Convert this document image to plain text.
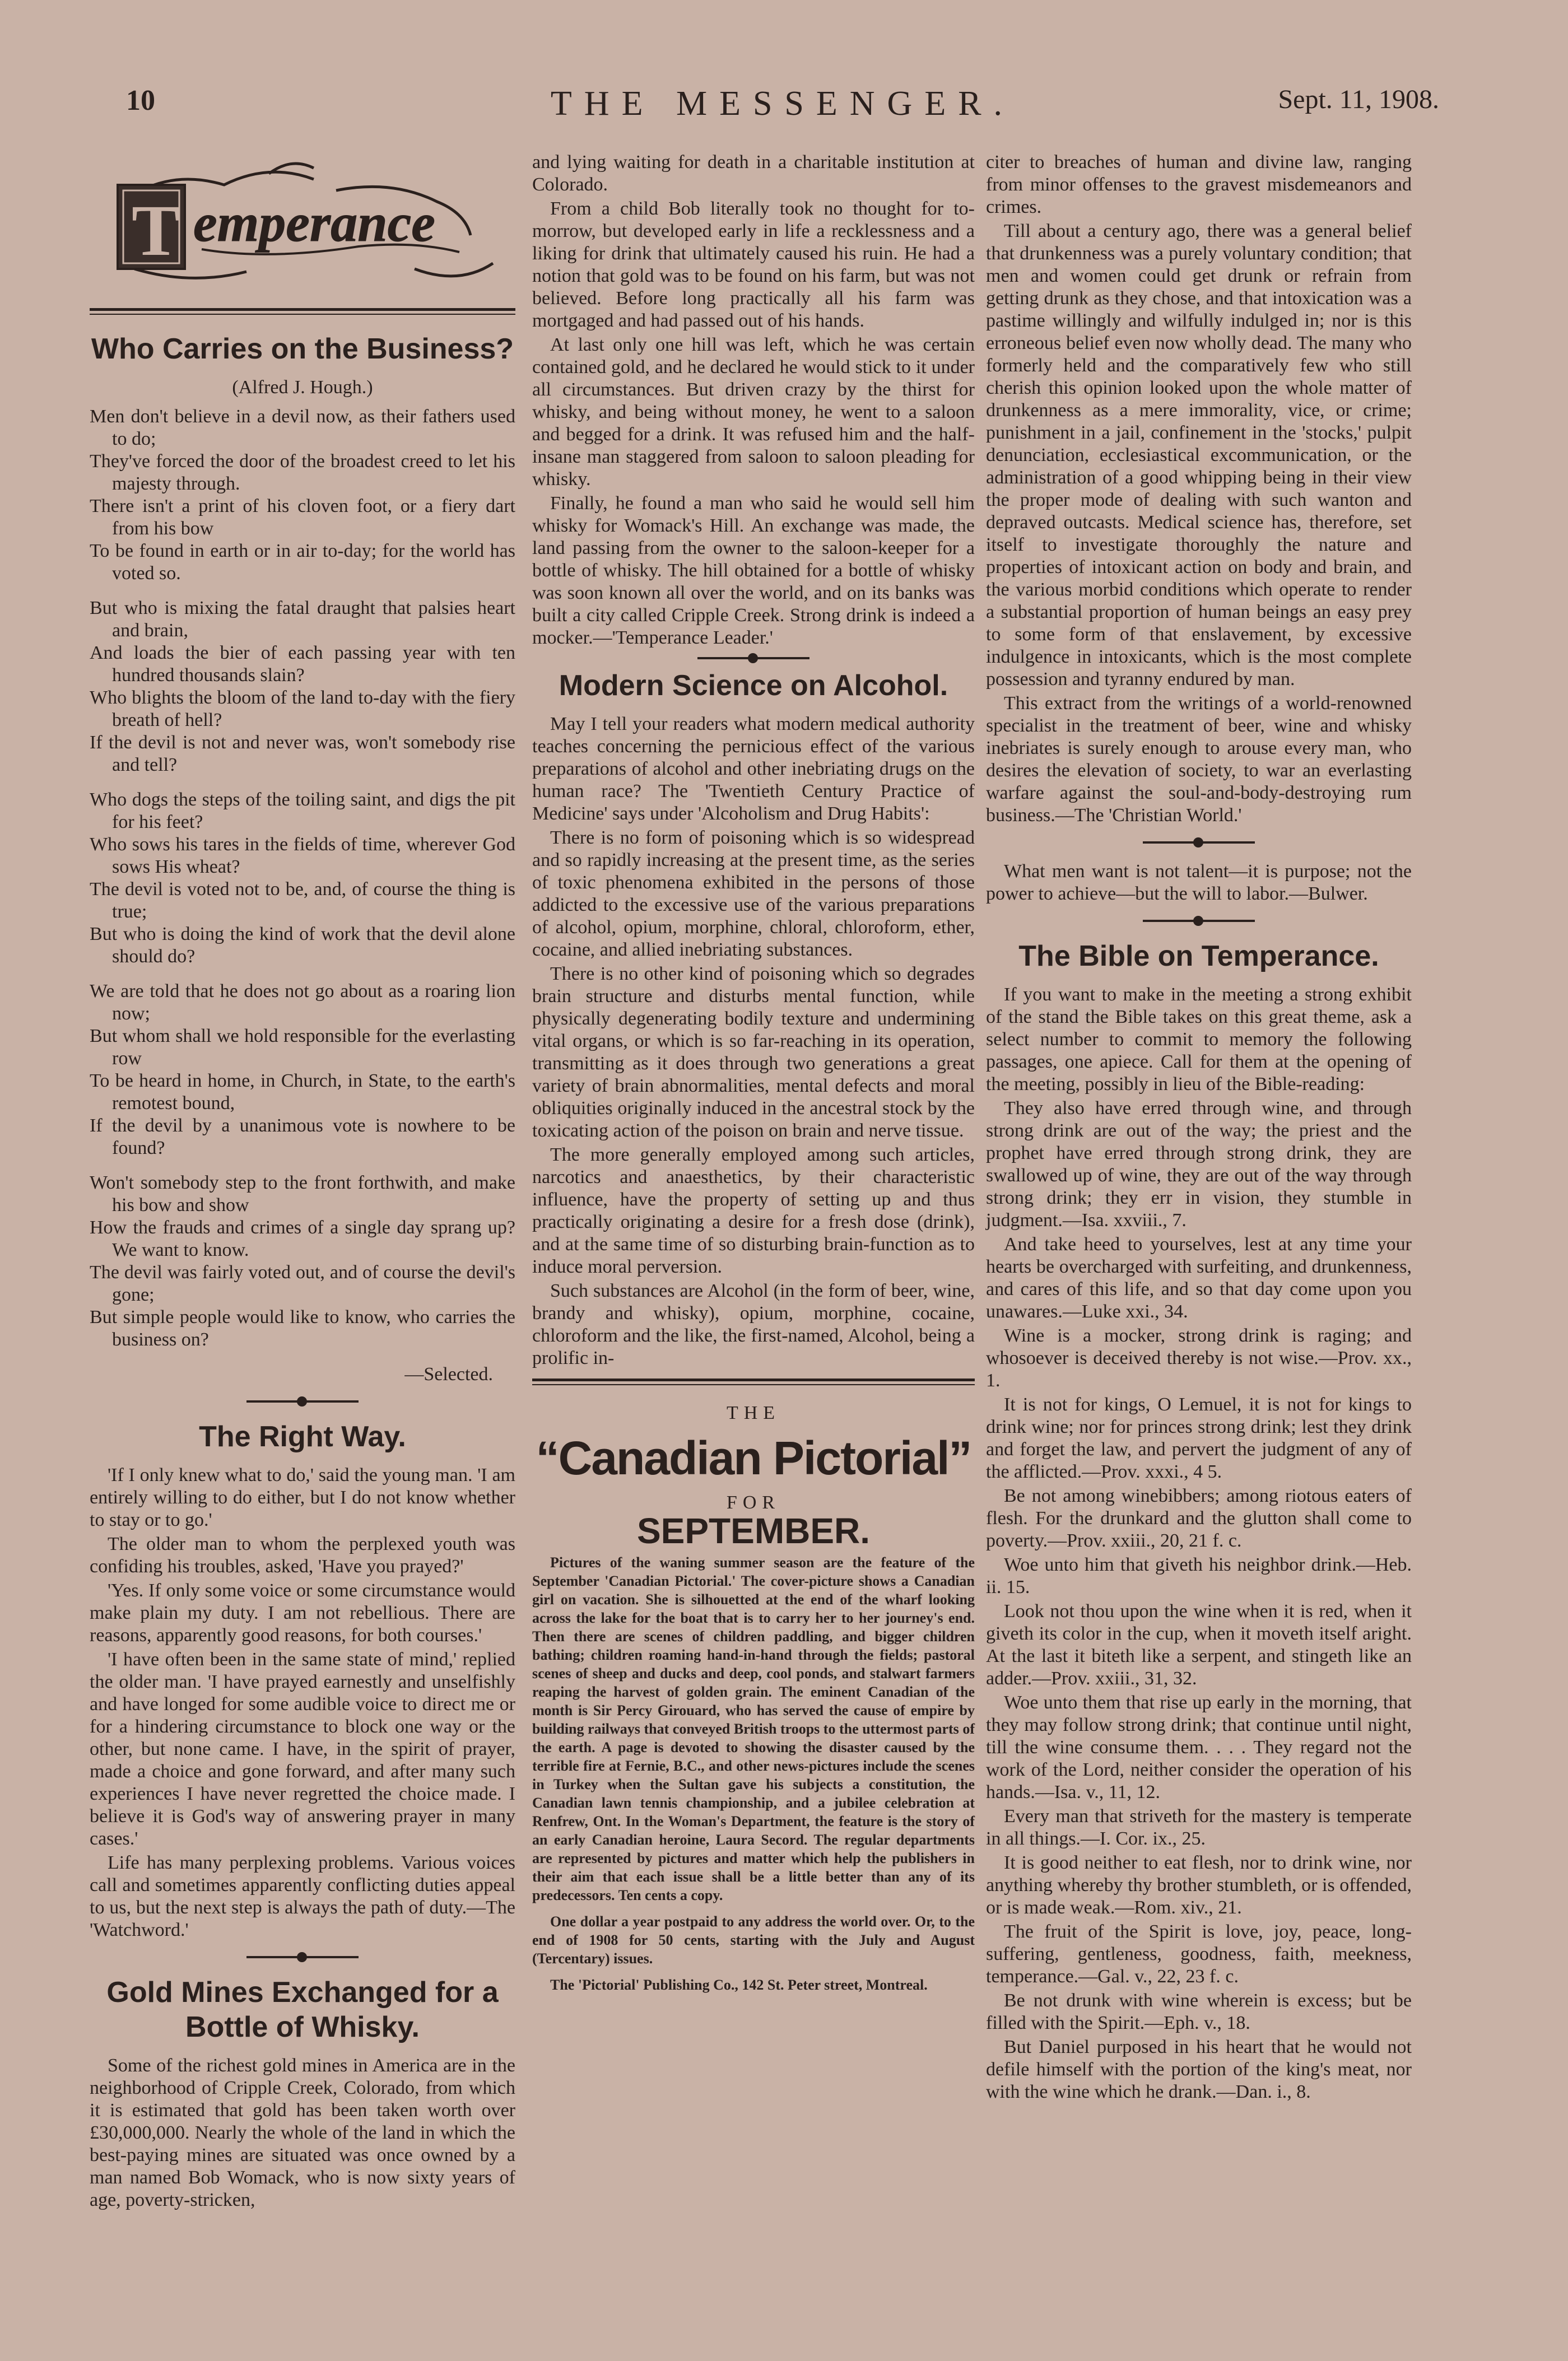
10	THE MESSENGER.	Sept. 11, 1908.
T emperance
Who Carries on the Business?
(Alfred J. Hough.)
Men don't believe in a devil now, as their fathers used to do;
They've forced the door of the broadest creed to let his majesty through.
There isn't a print of his cloven foot, or a fiery dart from his bow
To be found in earth or in air to-day; for the world has voted so.
But who is mixing the fatal draught that palsies heart and brain,
And loads the bier of each passing year with ten hundred thousands slain?
Who blights the bloom of the land to-day with the fiery breath of hell?
If the devil is not and never was, won't somebody rise and tell?
Who dogs the steps of the toiling saint, and digs the pit for his feet?
Who sows his tares in the fields of time, wherever God sows His wheat?
The devil is voted not to be, and, of course the thing is true;
But who is doing the kind of work that the devil alone should do?
We are told that he does not go about as a roaring lion now;
But whom shall we hold responsible for the everlasting row
To be heard in home, in Church, in State, to the earth's remotest bound,
If the devil by a unanimous vote is nowhere to be found?
Won't somebody step to the front forthwith, and make his bow and show
How the frauds and crimes of a single day sprang up? We want to know.
The devil was fairly voted out, and of course the devil's gone;
But simple people would like to know, who carries the business on?
—Selected.
The Right Way.

'If I only knew what to do,' said the young man. 'I am entirely willing to do either, but I do not know whether to stay or to go.'

The older man to whom the perplexed youth was confiding his troubles, asked, 'Have you prayed?'

'Yes. If only some voice or some circumstance would make plain my duty. I am not rebellious. There are reasons, apparently good reasons, for both courses.'

'I have often been in the same state of mind,' replied the older man. 'I have prayed earnestly and unselfishly and have longed for some audible voice to direct me or for a hindering circumstance to block one way or the other, but none came. I have, in the spirit of prayer, made a choice and gone forward, and after many such experiences I have never regretted the choice made. I believe it is God's way of answering prayer in many cases.'

Life has many perplexing problems. Various voices call and sometimes apparently conflicting duties appeal to us, but the next step is always the path of duty.—The 'Watchword.'

Gold Mines Exchanged for a Bottle of Whisky.

Some of the richest gold mines in America are in the neighborhood of Cripple Creek, Colorado, from which it is estimated that gold has been taken worth over £30,000,000. Nearly the whole of the land in which the best-paying mines are situated was once owned by a man named Bob Womack, who is now sixty years of age, poverty-stricken,

and lying waiting for death in a charitable institution at Colorado.

From a child Bob literally took no thought for to-morrow, but developed early in life a recklessness and a liking for drink that ultimately caused his ruin. He had a notion that gold was to be found on his farm, but was not believed. Before long practically all his farm was mortgaged and had passed out of his hands.

At last only one hill was left, which he was certain contained gold, and he declared he would stick to it under all circumstances. But driven crazy by the thirst for whisky, and being without money, he went to a saloon and begged for a drink. It was refused him and the half-insane man staggered from saloon to saloon pleading for whisky.

Finally, he found a man who said he would sell him whisky for Womack's Hill. An exchange was made, the land passing from the owner to the saloon-keeper for a bottle of whisky. The hill obtained for a bottle of whisky was soon known all over the world, and on its banks was built a city called Cripple Creek. Strong drink is indeed a mocker.—'Temperance Leader.'

Modern Science on Alcohol.

May I tell your readers what modern medical authority teaches concerning the pernicious effect of the various preparations of alcohol and other inebriating drugs on the human race? The 'Twentieth Century Practice of Medicine' says under 'Alcoholism and Drug Habits':

There is no form of poisoning which is so widespread and so rapidly increasing at the present time, as the series of toxic phenomena exhibited in the persons of those addicted to the excessive use of the various preparations of alcohol, opium, morphine, chloral, chloroform, ether, cocaine, and allied inebriating substances.

There is no other kind of poisoning which so degrades brain structure and disturbs mental function, while physically degenerating bodily texture and undermining vital organs, or which is so far-reaching in its operation, transmitting as it does through two generations a great variety of brain abnormalities, mental defects and moral obliquities originally induced in the ancestral stock by the toxicating action of the poison on brain and nerve tissue.

The more generally employed among such articles, narcotics and anaesthetics, by their characteristic influence, have the property of setting up and thus practically originating a desire for a fresh dose (drink), and at the same time of so disturbing brain-function as to induce moral perversion.

Such substances are Alcohol (in the form of beer, wine, brandy and whisky), opium, morphine, cocaine, chloroform and the like, the first-named, Alcohol, being a prolific in-

THE
“Canadian Pictorial”
FOR
SEPTEMBER.

Pictures of the waning summer season are the feature of the September 'Canadian Pictorial.' The cover-picture shows a Canadian girl on vacation. She is silhouetted at the end of the wharf looking across the lake for the boat that is to carry her to her journey's end. Then there are scenes of children paddling, and bigger children bathing; children roaming hand-in-hand through the fields; pastoral scenes of sheep and ducks and deep, cool ponds, and stalwart farmers reaping the harvest of golden grain. The eminent Canadian of the month is Sir Percy Girouard, who has served the cause of empire by building railways that conveyed British troops to the uttermost parts of the earth. A page is devoted to showing the disaster caused by the terrible fire at Fernie, B.C., and other news-pictures include the scenes in Turkey when the Sultan gave his subjects a constitution, the Canadian lawn tennis championship, and a jubilee celebration at Renfrew, Ont. In the Woman's Department, the feature is the story of an early Canadian heroine, Laura Secord. The regular departments are represented by pictures and matter which help the publishers in their aim that each issue shall be a little better than any of its predecessors. Ten cents a copy.

One dollar a year postpaid to any address the world over. Or, to the end of 1908 for 50 cents, starting with the July and August (Tercentary) issues.

The 'Pictorial' Publishing Co., 142 St. Peter street, Montreal.

citer to breaches of human and divine law, ranging from minor offenses to the gravest misdemeanors and crimes.

Till about a century ago, there was a general belief that drunkenness was a purely voluntary condition; that men and women could get drunk or refrain from getting drunk as they chose, and that intoxication was a pastime willingly and wilfully indulged in; nor is this erroneous belief even now wholly dead. The many who formerly held and the comparatively few who still cherish this opinion looked upon the whole matter of drunkenness as a mere immorality, vice, or crime; punishment in a jail, confinement in the 'stocks,' pulpit denunciation, ecclesiastical excommunication, or the administration of a good whipping being in their view the proper mode of dealing with such wanton and depraved outcasts. Medical science has, therefore, set itself to investigate thoroughly the nature and properties of intoxicant action on body and brain, and the various morbid conditions which operate to render a substantial proportion of human beings an easy prey to some form of that enslavement, by excessive indulgence in intoxicants, which is the most complete possession and tyranny endured by man.

This extract from the writings of a world-renowned specialist in the treatment of beer, wine and whisky inebriates is surely enough to arouse every man, who desires the elevation of society, to war an everlasting warfare against the soul-and-body-destroying rum business.—The 'Christian World.'

What men want is not talent—it is purpose; not the power to achieve—but the will to labor.—Bulwer.

The Bible on Temperance.

If you want to make in the meeting a strong exhibit of the stand the Bible takes on this great theme, ask a select number to commit to memory the following passages, one apiece. Call for them at the opening of the meeting, possibly in lieu of the Bible-reading:

They also have erred through wine, and through strong drink are out of the way; the priest and the prophet have erred through strong drink, they are swallowed up of wine, they are out of the way through strong drink; they err in vision, they stumble in judgment.—Isa. xxviii., 7.

And take heed to yourselves, lest at any time your hearts be overcharged with surfeiting, and drunkenness, and cares of this life, and so that day come upon you unawares.—Luke xxi., 34.

Wine is a mocker, strong drink is raging; and whosoever is deceived thereby is not wise.—Prov. xx., 1.

It is not for kings, O Lemuel, it is not for kings to drink wine; nor for princes strong drink; lest they drink and forget the law, and pervert the judgment of any of the afflicted.—Prov. xxxi., 4 5.

Be not among winebibbers; among riotous eaters of flesh. For the drunkard and the glutton shall come to poverty.—Prov. xxiii., 20, 21 f. c.

Woe unto him that giveth his neighbor drink.—Heb. ii. 15.

Look not thou upon the wine when it is red, when it giveth its color in the cup, when it moveth itself aright. At the last it biteth like a serpent, and stingeth like an adder.—Prov. xxiii., 31, 32.

Woe unto them that rise up early in the morning, that they may follow strong drink; that continue until night, till the wine consume them. . . . They regard not the work of the Lord, neither consider the operation of his hands.—Isa. v., 11, 12.

Every man that striveth for the mastery is temperate in all things.—I. Cor. ix., 25.

It is good neither to eat flesh, nor to drink wine, nor anything whereby thy brother stumbleth, or is offended, or is made weak.—Rom. xiv., 21.

The fruit of the Spirit is love, joy, peace, long-suffering, gentleness, goodness, faith, meekness, temperance.—Gal. v., 22, 23 f. c.

Be not drunk with wine wherein is excess; but be filled with the Spirit.—Eph. v., 18.

But Daniel purposed in his heart that he would not defile himself with the portion of the king's meat, nor with the wine which he drank.—Dan. i., 8.
